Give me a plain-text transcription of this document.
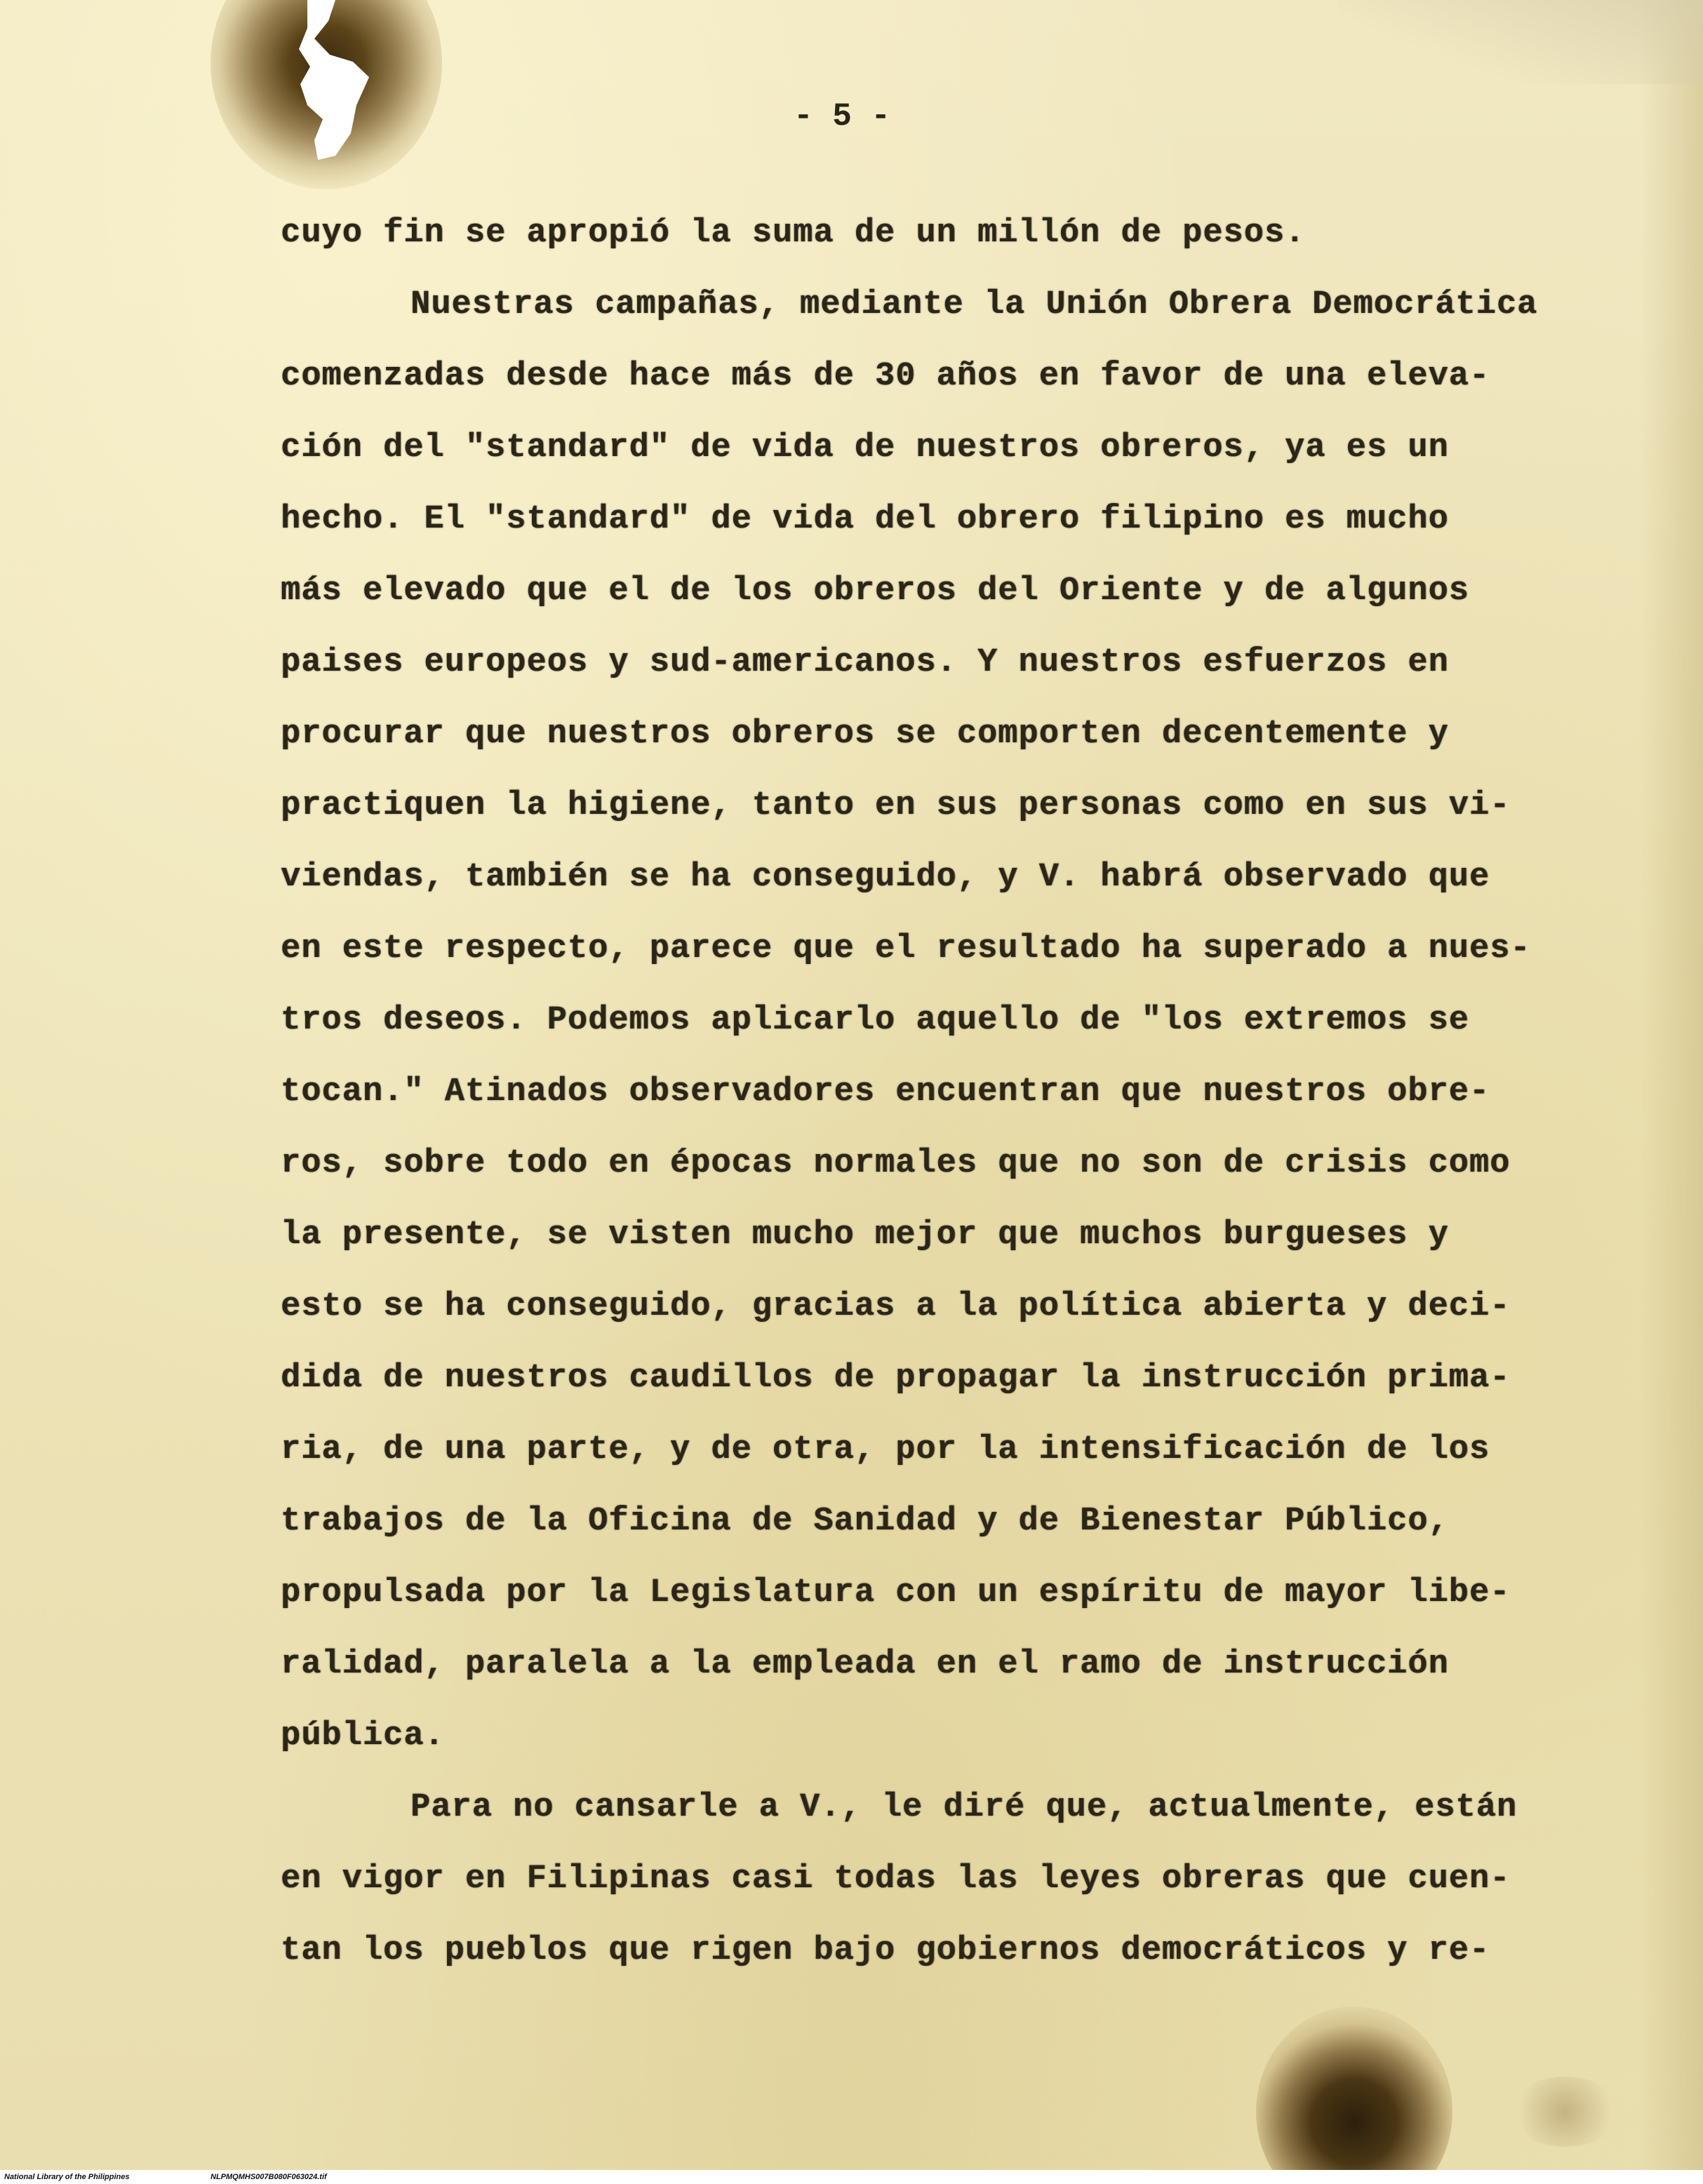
- 5 -

cuyo fin se apropió la suma de un millón de pesos.

Nuestras campañas, mediante la Unión Obrera Democrática

comenzadas desde hace más de 30 años en favor de una eleva-

ción del "standard" de vida de nuestros obreros, ya es un

hecho. El "standard" de vida del obrero filipino es mucho

más elevado que el de los obreros del Oriente y de algunos

paises europeos y sud-americanos. Y nuestros esfuerzos en

procurar que nuestros obreros se comporten decentemente y

practiquen la higiene, tanto en sus personas como en sus vi-

viendas, también se ha conseguido, y V. habrá observado que

en este respecto, parece que el resultado ha superado a nues-

tros deseos. Podemos aplicarlo aquello de "los extremos se

tocan." Atinados observadores encuentran que nuestros obre-

ros, sobre todo en épocas normales que no son de crisis como

la presente, se visten mucho mejor que muchos burgueses y

esto se ha conseguido, gracias a la política abierta y deci-

dida de nuestros caudillos de propagar la instrucción prima-

ria, de una parte, y de otra, por la intensificación de los

trabajos de la Oficina de Sanidad y de Bienestar Público,

propulsada por la Legislatura con un espíritu de mayor libe-

ralidad, paralela a la empleada en el ramo de instrucción

pública.

Para no cansarle a V., le diré que, actualmente, están

en vigor en Filipinas casi todas las leyes obreras que cuen-

tan los pueblos que rigen bajo gobiernos democráticos y re-

National Library of the Philippines	NLPMQMHS007B080F063024.tif
